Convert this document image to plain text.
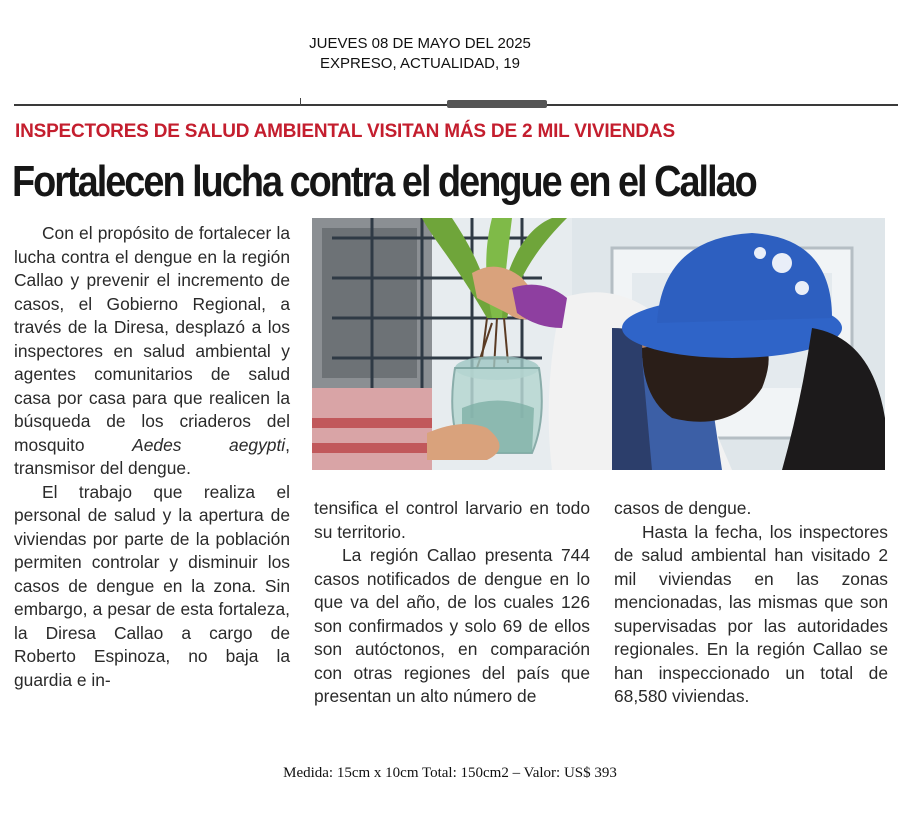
JUEVES 08 DE MAYO DEL 2025
EXPRESO, ACTUALIDAD, 19
INSPECTORES DE SALUD AMBIENTAL VISITAN MÁS DE 2 MIL VIVIENDAS
Fortalecen lucha contra el dengue en el Callao

Con el propósito de fortalecer la lucha contra el dengue en la región Callao y prevenir el incremento de casos, el Gobierno Regional, a través de la Diresa, desplazó a los inspectores en salud ambiental y agentes comunitarios de salud casa por casa para que realicen la búsqueda de los criaderos del mosquito Aedes aegypti, transmisor del dengue.

El trabajo que realiza el personal de salud y la apertura de viviendas por parte de la población permiten controlar y disminuir los casos de dengue en la zona. Sin embargo, a pesar de esta fortaleza, la Diresa Callao a cargo de Roberto Espinoza, no baja la guardia e in-

tensifica el control larvario en todo su territorio.

La región Callao presenta 744 casos notificados de dengue en lo que va del año, de los cuales 126 son confirmados y solo 69 de ellos son autóctonos, en comparación con otras regiones del país que presentan un alto número de

casos de dengue.

Hasta la fecha, los inspectores de salud ambiental han visitado 2 mil viviendas en las zonas mencionadas, las mismas que son supervisadas por las autoridades regionales. En la región Callao se han inspeccionado un total de 68,580 viviendas.

Medida: 15cm x 10cm Total: 150cm2 – Valor: US$ 393
